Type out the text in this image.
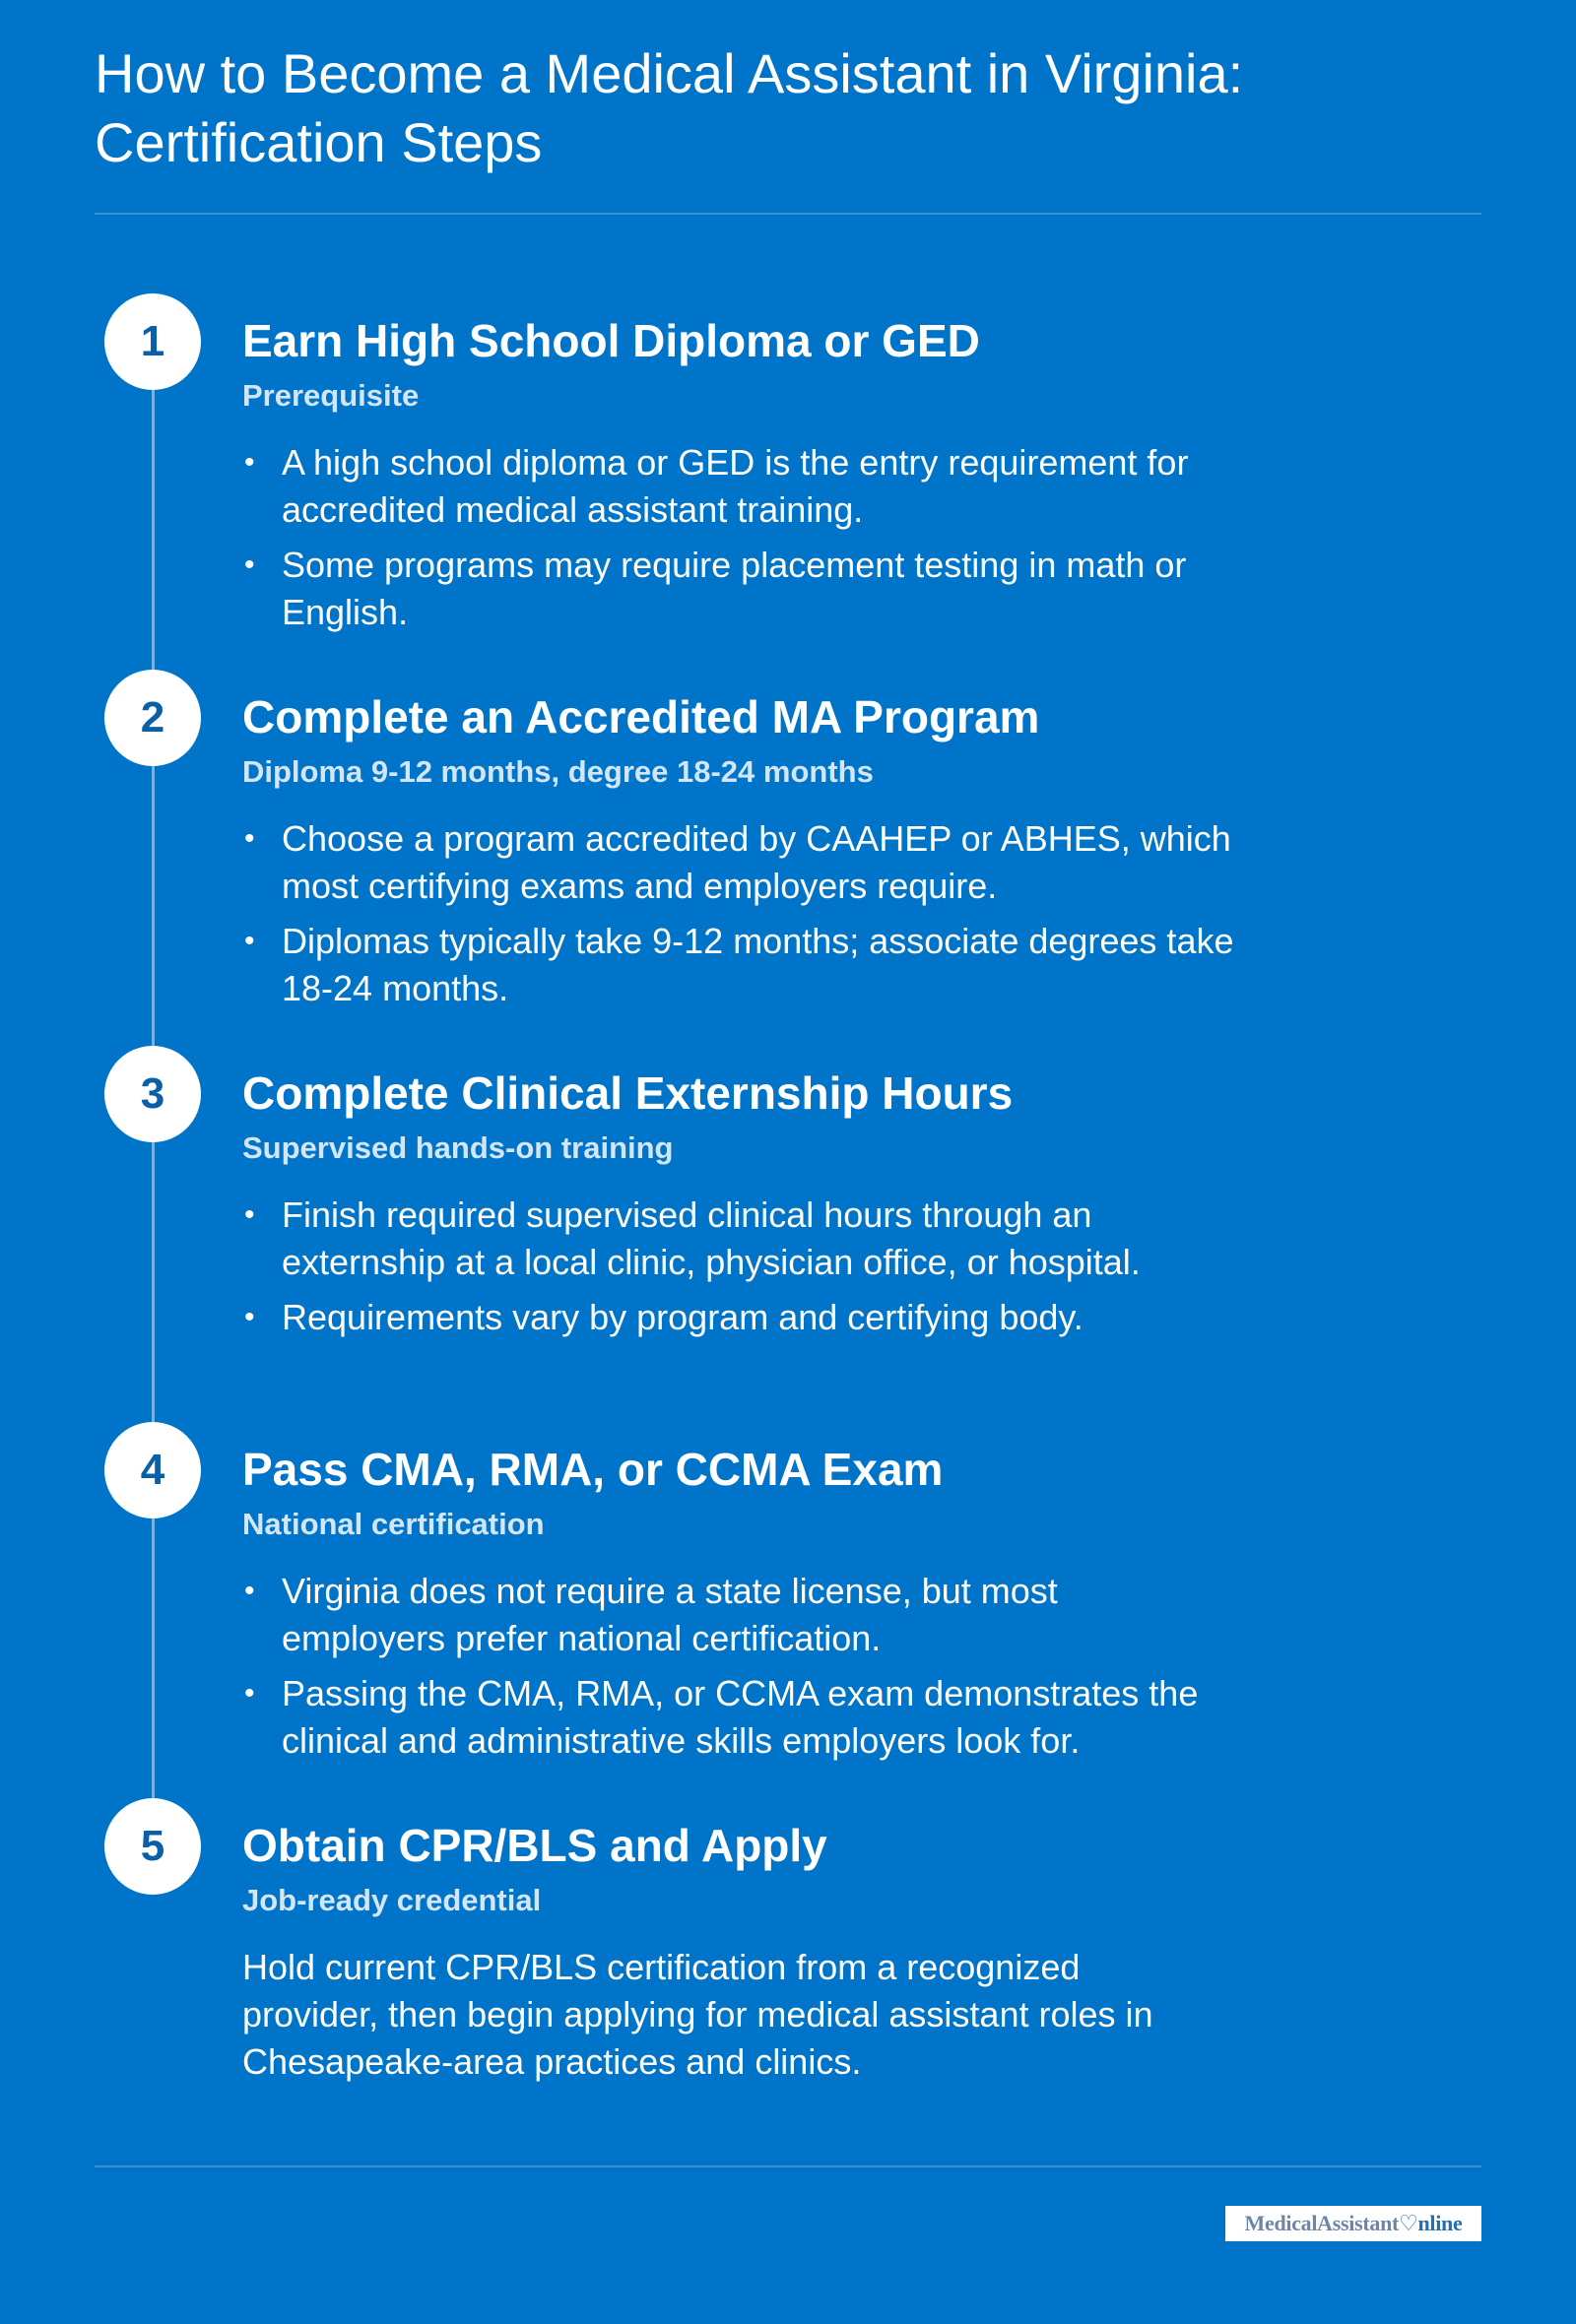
How to Become a Medical Assistant in Virginia: Certification Steps
1	Earn High School Diploma or GED

Prerequisite

• A high school diploma or GED is the entry requirement for accredited medical assistant training.
• Some programs may require placement testing in math or English.
2	Complete an Accredited MA Program

Diploma 9-12 months, degree 18-24 months

• Choose a program accredited by CAAHEP or ABHES, which most certifying exams and employers require.
• Diplomas typically take 9-12 months; associate degrees take 18-24 months.
3	Complete Clinical Externship Hours

Supervised hands-on training

• Finish required supervised clinical hours through an externship at a local clinic, physician office, or hospital.
• Requirements vary by program and certifying body.
4	Pass CMA, RMA, or CCMA Exam

National certification

• Virginia does not require a state license, but most employers prefer national certification.
• Passing the CMA, RMA, or CCMA exam demonstrates the clinical and administrative skills employers look for.
5	Obtain CPR/BLS and Apply

Job-ready credential

Hold current CPR/BLS certification from a recognized provider, then begin applying for medical assistant roles in Chesapeake-area practices and clinics.

MedicalAssistant ♡ nline
